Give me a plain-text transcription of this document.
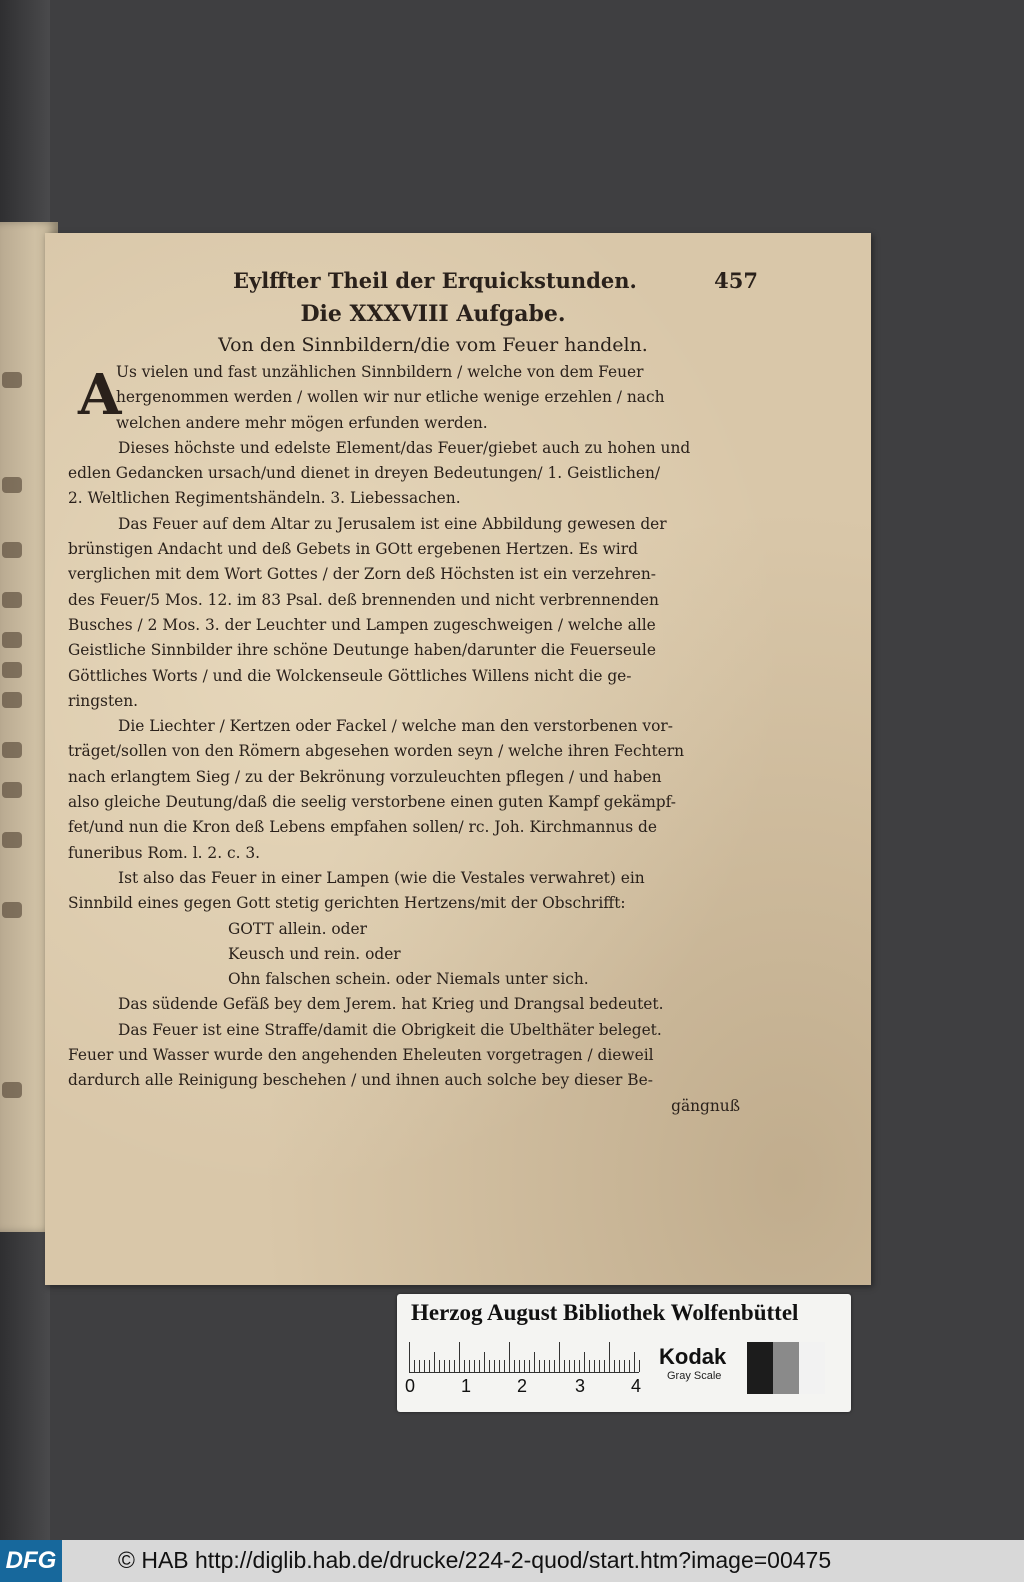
Eylffter Theil der Erquickstunden.	457
Die XXXVIII Aufgabe.
Von den Sinnbildern/die vom Feuer handeln.
A
Us vielen und fast unzählichen Sinnbildern / welche von dem Feuer
hergenommen werden / wollen wir nur etliche wenige erzehlen / nach
welchen andere mehr mögen erfunden werden.
Dieses höchste und edelste Element/das Feuer/giebet auch zu hohen und
edlen Gedancken ursach/und dienet in dreyen Bedeutungen/ 1. Geistlichen/
2. Weltlichen Regimentshändeln. 3. Liebessachen.
Das Feuer auf dem Altar zu Jerusalem ist eine Abbildung gewesen der
brünstigen Andacht und deß Gebets in GOtt ergebenen Hertzen. Es wird
verglichen mit dem Wort Gottes / der Zorn deß Höchsten ist ein verzehren-
des Feuer/5 Mos. 12. im 83 Psal. deß brennenden und nicht verbrennenden
Busches / 2 Mos. 3. der Leuchter und Lampen zugeschweigen / welche alle
Geistliche Sinnbilder ihre schöne Deutunge haben/darunter die Feuerseule
Göttliches Worts / und die Wolckenseule Göttliches Willens nicht die ge-
ringsten.
Die Liechter / Kertzen oder Fackel / welche man den verstorbenen vor-
träget/sollen von den Römern abgesehen worden seyn / welche ihren Fechtern
nach erlangtem Sieg / zu der Bekrönung vorzuleuchten pflegen / und haben
also gleiche Deutung/daß die seelig verstorbene einen guten Kampf gekämpf-
fet/und nun die Kron deß Lebens empfahen sollen/ rc. Joh. Kirchmannus de
funeribus Rom. l. 2. c. 3.
Ist also das Feuer in einer Lampen (wie die Vestales verwahret) ein
Sinnbild eines gegen Gott stetig gerichten Hertzens/mit der Obschrifft:
GOTT allein. oder
Keusch und rein. oder
Ohn falschen schein. oder Niemals unter sich.
Das südende Gefäß bey dem Jerem. hat Krieg und Drangsal bedeutet.
Das Feuer ist eine Straffe/damit die Obrigkeit die Ubelthäter beleget.
Feuer und Wasser wurde den angehenden Eheleuten vorgetragen / dieweil
dardurch alle Reinigung beschehen / und ihnen auch solche bey dieser Be-
gängnuß
Herzog August Bibliothek Wolfenbüttel
0	1	2	3	4
Kodak
Gray Scale
DFG	© HAB http://diglib.hab.de/drucke/224-2-quod/start.htm?image=00475
